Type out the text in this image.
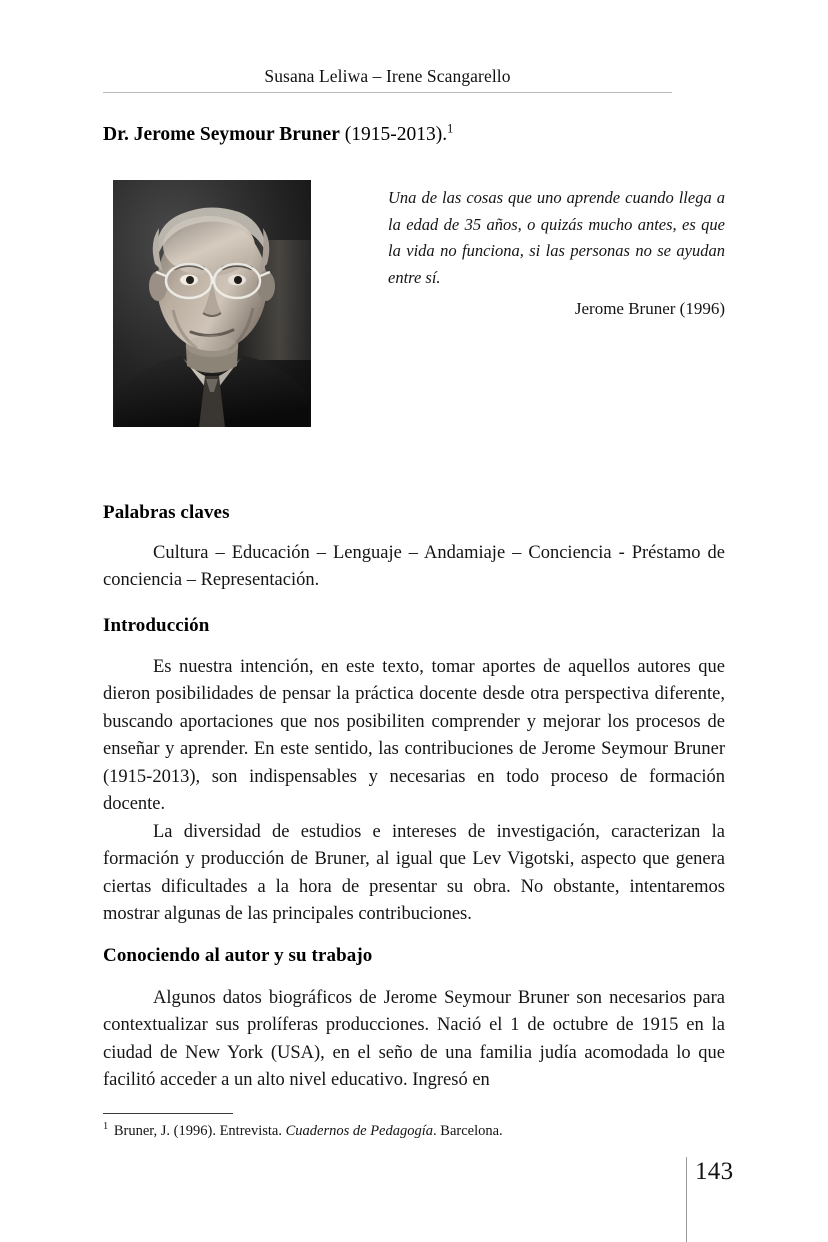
Susana Leliwa – Irene Scangarello
Dr. Jerome Seymour Bruner (1915-2013).$^1$
Una de las cosas que uno aprende cuando llega a la edad de 35 años, o quizás mucho antes, es que la vida no funciona, si las personas no se ayudan entre sí.
Jerome Bruner (1996)
Palabras claves

Cultura – Educación – Lenguaje – Andamiaje – Conciencia - Préstamo de conciencia – Representación.

Introducción

Es nuestra intención, en este texto, tomar aportes de aquellos autores que dieron posibilidades de pensar la práctica docente desde otra perspectiva diferente, buscando aportaciones que nos posibiliten comprender y mejorar los procesos de enseñar y aprender. En este sentido, las contribuciones de Jerome Seymour Bruner (1915-2013), son indispensables y necesarias en todo proceso de formación docente.

La diversidad de estudios e intereses de investigación, caracterizan la formación y producción de Bruner, al igual que Lev Vigotski, aspecto que genera ciertas dificultades a la hora de presentar su obra. No obstante, intentaremos mostrar algunas de las principales contribuciones.

Conociendo al autor y su trabajo

Algunos datos biográficos de Jerome Seymour Bruner son necesarios para contextualizar sus prolíferas producciones. Nació el 1 de octubre de 1915 en la ciudad de New York (USA), en el seño de una familia judía acomodada lo que facilitó acceder a un alto nivel educativo. Ingresó en

$^1$ Bruner, J. (1996). Entrevista. Cuadernos de Pedagogía. Barcelona.
143
